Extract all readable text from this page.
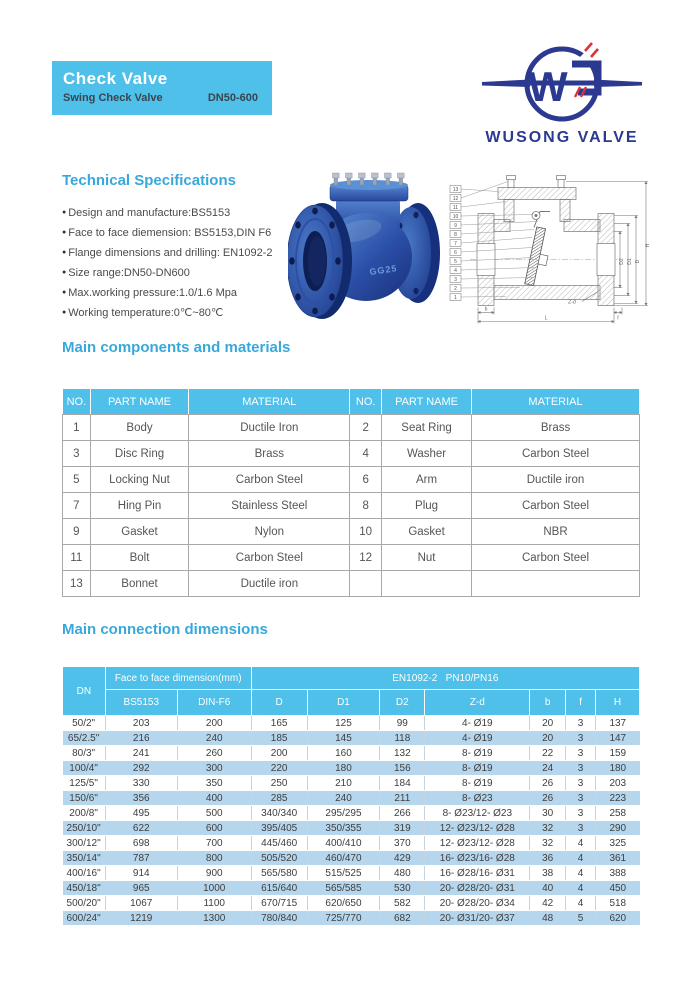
Check Valve
Swing Check Valve	DN50-600	W
WUSONG VALVE
Technical Specifications
● Design and manufacture:BS5153
● Face to face diemension: BS5153,DIN F6
● Flange dimensions and drilling: EN1092-2
● Size range:DN50-DN600
● Max.working pressure:1.0/1.6 Mpa
● Working temperature:0℃~80℃
GG25
13
12
11
10
9
8
7
6
5
4
3
2
1
D2 D1 D
H
L
b
f
Z-d
Main components and materials
NO.	PART NAME	MATERIAL	NO.	PART NAME	MATERIAL
1	Body	Ductile Iron	2	Seat Ring	Brass
3	Disc Ring	Brass	4	Washer	Carbon Steel
5	Locking Nut	Carbon Steel	6	Arm	Ductile iron
7	Hing Pin	Stainless Steel	8	Plug	Carbon Steel
9	Gasket	Nylon	10	Gasket	NBR
11	Bolt	Carbon Steel	12	Nut	Carbon Steel
13	Bonnet	Ductile iron			
Main connection dimensions
DN	Face to face dimension(mm)		EN1092-2   PN10/PN16						
	BS5153	DIN-F6	D	D1	D2	Z-d	b	f	H
50/2"	203	200	165	125	99	4- Ø19	20	3	137
65/2.5"	216	240	185	145	118	4- Ø19	20	3	147
80/3"	241	260	200	160	132	8- Ø19	22	3	159
100/4"	292	300	220	180	156	8- Ø19	24	3	180
125/5"	330	350	250	210	184	8- Ø19	26	3	203
150/6"	356	400	285	240	211	8- Ø23	26	3	223
200/8"	495	500	340/340	295/295	266	8- Ø23/12- Ø23	30	3	258
250/10"	622	600	395/405	350/355	319	12- Ø23/12- Ø28	32	3	290
300/12"	698	700	445/460	400/410	370	12- Ø23/12- Ø28	32	4	325
350/14"	787	800	505/520	460/470	429	16- Ø23/16- Ø28	36	4	361
400/16"	914	900	565/580	515/525	480	16- Ø28/16- Ø31	38	4	388
450/18"	965	1000	615/640	565/585	530	20- Ø28/20- Ø31	40	4	450
500/20"	1067	1100	670/715	620/650	582	20- Ø28/20- Ø34	42	4	518
600/24"	1219	1300	780/840	725/770	682	20- Ø31/20- Ø37	48	5	620
